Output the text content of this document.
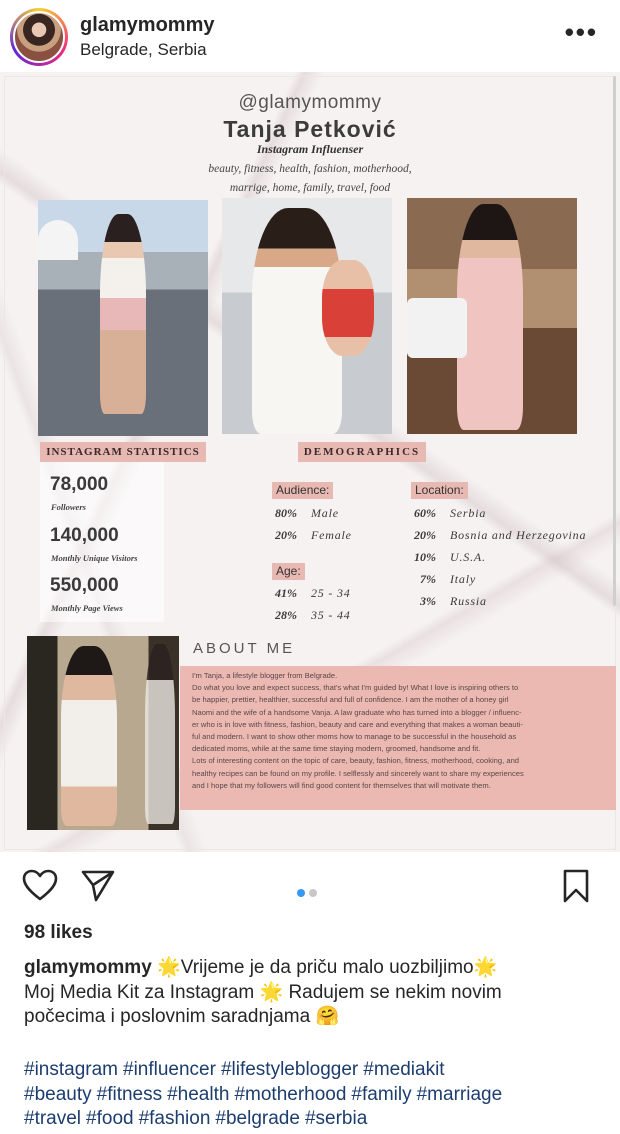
glamymommy
Belgrade, Serbia
•••
@glamymommy
Tanja Petković
Instagram Influenser
beauty, fitness, health, fashion, motherhood,
marrige, home, family, travel, food
INSTAGRAM STATISTICS
78,000
Followers
140,000
Monthly Unique Visitors
550,000
Monthly Page Views
DEMOGRAPHICS
Audience:
80% Male
20% Female
Age:
41% 25 - 34
28% 35 - 44
Location:
60% Serbia
20% Bosnia and Herzegovina
10% U.S.A.
7% Italy
3% Russia
ABOUT ME
I'm Tanja, a lifestyle blogger from Belgrade.
Do what you love and expect success, that's what I'm guided by! What I love is inspiring others to
be happier, prettier, healthier, successful and full of confidence. I am the mother of a honey girl
Naomi and the wife of a handsome Vanja. A law graduate who has turned into a blogger / influenc-
er who is in love with fitness, fashion, beauty and care and everything that makes a woman beauti-
ful and modern. I want to show other moms how to manage to be successful in the household as
dedicated moms, while at the same time staying modern, groomed, handsome and fit.
Lots of interesting content on the topic of care, beauty, fashion, fitness, motherhood, cooking, and
healthy recipes can be found on my profile. I selflessly and sincerely want to share my experiences
and I hope that my followers will find good content for themselves that will motivate them.
98 likes
glamymommy 🌟Vrijeme je da priču malo uozbiljimo🌟
Moj Media Kit za Instagram 🌟 Radujem se nekim novim
počecima i poslovnim saradnjama 🤗
#instagram #influencer #lifestyleblogger #mediakit
#beauty #fitness #health #motherhood #family #marriage
#travel #food #fashion #belgrade #serbia
